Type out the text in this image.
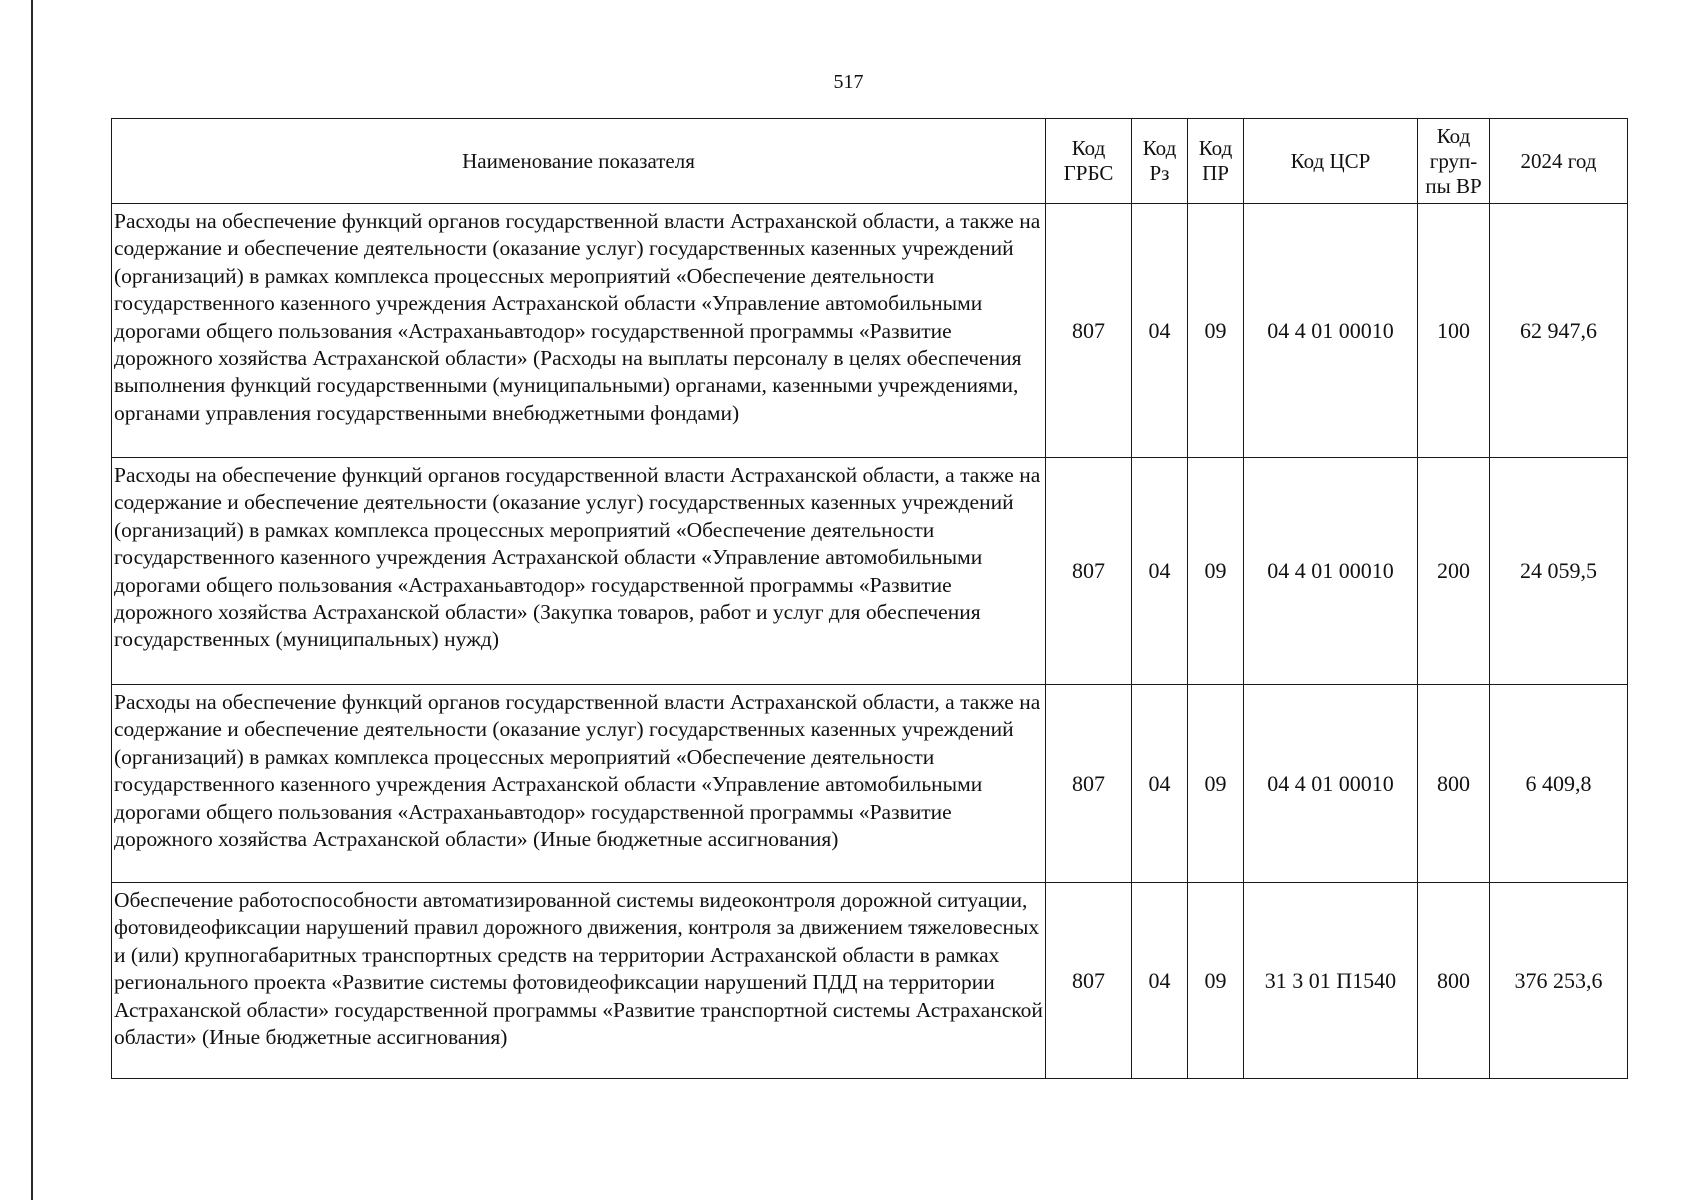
517
Наименование показателя	Код ГРБС	Код Рз	Код ПР	Код ЦСР	Код груп- пы ВР	2024 год
Расходы на обеспечение функций органов государственной власти Астраханской области, а также на содержание и обеспечение деятельности (оказание услуг) государственных казенных учреждений (организаций) в рамках комплекса процессных мероприятий «Обеспечение деятельности государственного казенного учреждения Астраханской области «Управление автомобильными дорогами общего пользования «Астраханьавтодор» государственной программы «Развитие дорожного хозяйства Астраханской области» (Расходы на выплаты персоналу в целях обеспечения выполнения функций государственными (муниципальными) органами, казенными учреждениями, органами управления государственными внебюджетными фондами)	807	04	09	04 4 01 00010	100	62 947,6
Расходы на обеспечение функций органов государственной власти Астраханской области, а также на содержание и обеспечение деятельности (оказание услуг) государственных казенных учреждений (организаций) в рамках комплекса процессных мероприятий «Обеспечение деятельности государственного казенного учреждения Астраханской области «Управление автомобильными дорогами общего пользования «Астраханьавтодор» государственной программы «Развитие дорожного хозяйства Астраханской области» (Закупка товаров, работ и услуг для обеспечения государственных (муниципальных) нужд)	807	04	09	04 4 01 00010	200	24 059,5
Расходы на обеспечение функций органов государственной власти Астраханской области, а также на содержание и обеспечение деятельности (оказание услуг) государственных казенных учреждений (организаций) в рамках комплекса процессных мероприятий «Обеспечение деятельности государственного казенного учреждения Астраханской области «Управление автомобильными дорогами общего пользования «Астраханьавтодор» государственной программы «Развитие дорожного хозяйства Астраханской области» (Иные бюджетные ассигнования)	807	04	09	04 4 01 00010	800	6 409,8
Обеспечение работоспособности автоматизированной системы видеоконтроля дорожной ситуации, фотовидеофиксации нарушений правил дорожного движения, контроля за движением тяжеловесных и (или) крупногабаритных транспортных средств на территории Астраханской области в рамках регионального проекта «Развитие системы фотовидеофиксации нарушений ПДД на территории Астраханской области» государственной программы «Развитие транспортной системы Астраханской области» (Иные бюджетные ассигнования)	807	04	09	31 3 01 П1540	800	376 253,6
